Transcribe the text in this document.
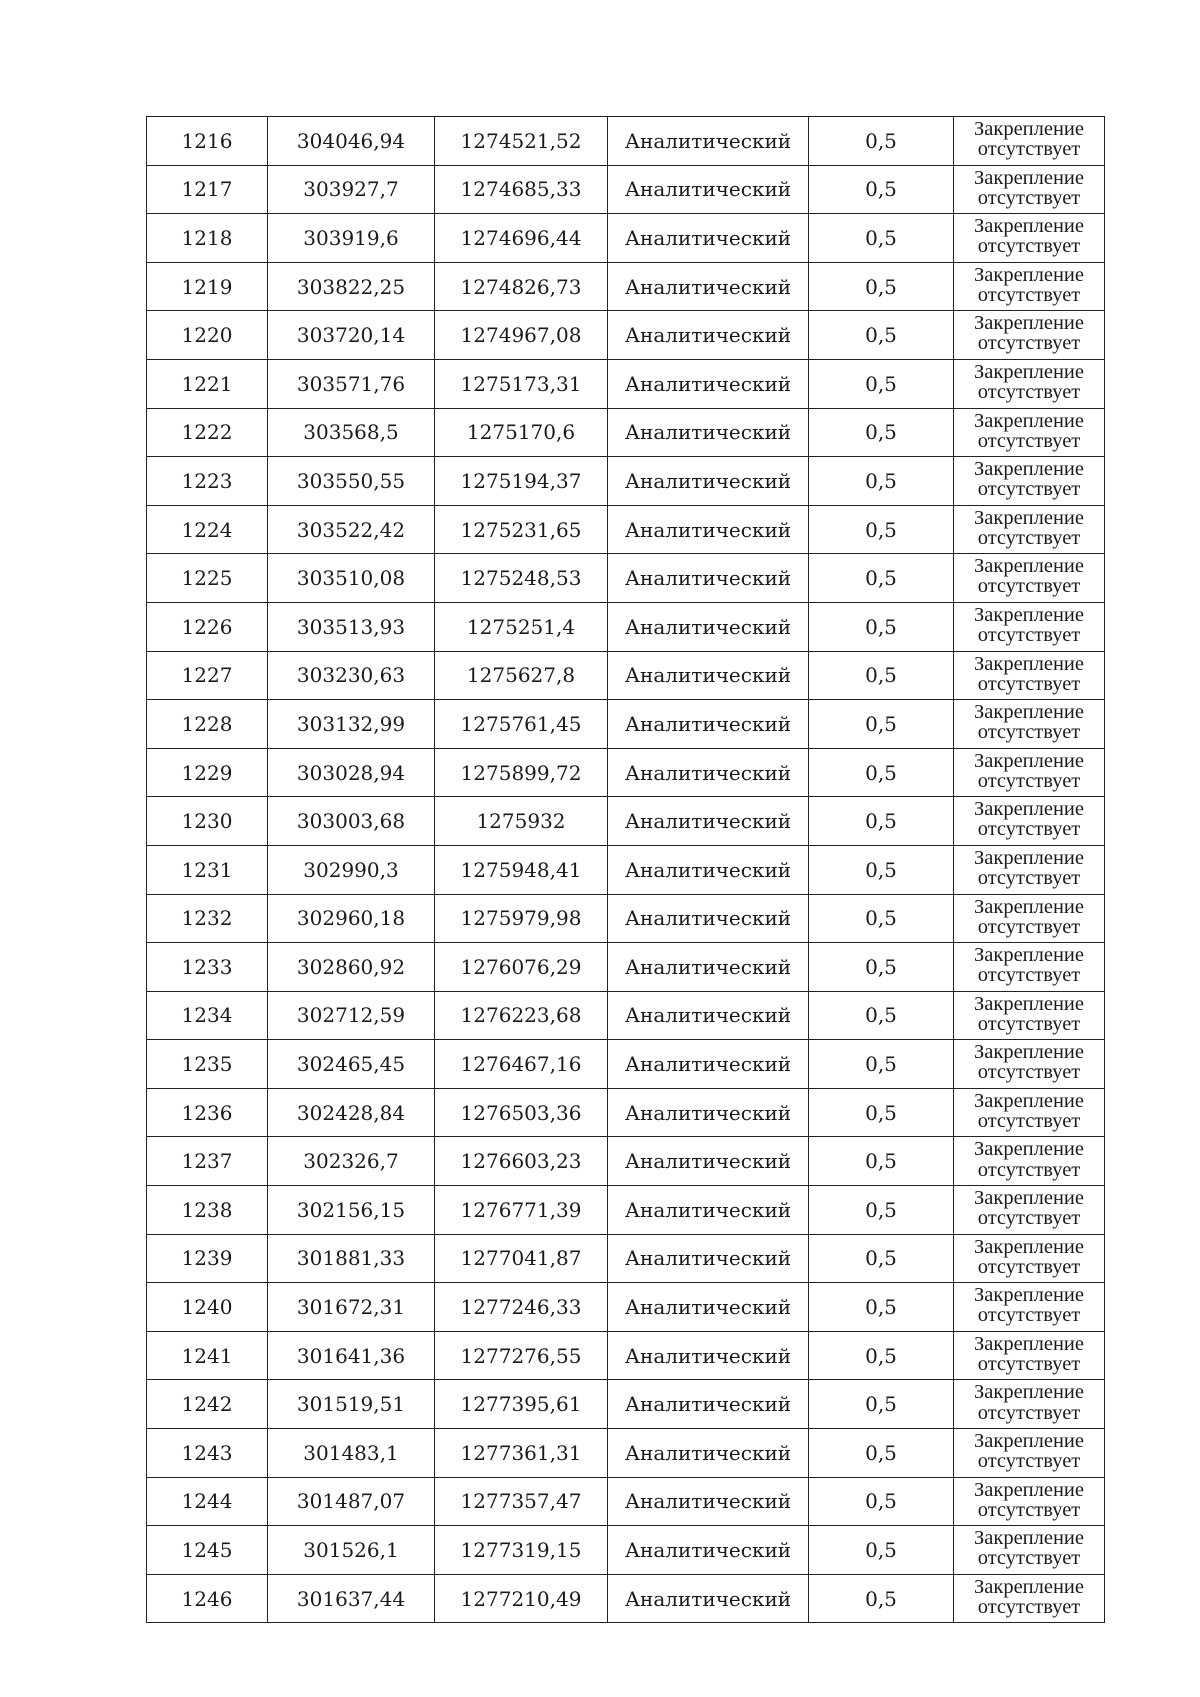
1216	304046,94	1274521,52	Аналитический	0,5	Закрепление отсутствует
1217	303927,7	1274685,33	Аналитический	0,5	Закрепление отсутствует
1218	303919,6	1274696,44	Аналитический	0,5	Закрепление отсутствует
1219	303822,25	1274826,73	Аналитический	0,5	Закрепление отсутствует
1220	303720,14	1274967,08	Аналитический	0,5	Закрепление отсутствует
1221	303571,76	1275173,31	Аналитический	0,5	Закрепление отсутствует
1222	303568,5	1275170,6	Аналитический	0,5	Закрепление отсутствует
1223	303550,55	1275194,37	Аналитический	0,5	Закрепление отсутствует
1224	303522,42	1275231,65	Аналитический	0,5	Закрепление отсутствует
1225	303510,08	1275248,53	Аналитический	0,5	Закрепление отсутствует
1226	303513,93	1275251,4	Аналитический	0,5	Закрепление отсутствует
1227	303230,63	1275627,8	Аналитический	0,5	Закрепление отсутствует
1228	303132,99	1275761,45	Аналитический	0,5	Закрепление отсутствует
1229	303028,94	1275899,72	Аналитический	0,5	Закрепление отсутствует
1230	303003,68	1275932	Аналитический	0,5	Закрепление отсутствует
1231	302990,3	1275948,41	Аналитический	0,5	Закрепление отсутствует
1232	302960,18	1275979,98	Аналитический	0,5	Закрепление отсутствует
1233	302860,92	1276076,29	Аналитический	0,5	Закрепление отсутствует
1234	302712,59	1276223,68	Аналитический	0,5	Закрепление отсутствует
1235	302465,45	1276467,16	Аналитический	0,5	Закрепление отсутствует
1236	302428,84	1276503,36	Аналитический	0,5	Закрепление отсутствует
1237	302326,7	1276603,23	Аналитический	0,5	Закрепление отсутствует
1238	302156,15	1276771,39	Аналитический	0,5	Закрепление отсутствует
1239	301881,33	1277041,87	Аналитический	0,5	Закрепление отсутствует
1240	301672,31	1277246,33	Аналитический	0,5	Закрепление отсутствует
1241	301641,36	1277276,55	Аналитический	0,5	Закрепление отсутствует
1242	301519,51	1277395,61	Аналитический	0,5	Закрепление отсутствует
1243	301483,1	1277361,31	Аналитический	0,5	Закрепление отсутствует
1244	301487,07	1277357,47	Аналитический	0,5	Закрепление отсутствует
1245	301526,1	1277319,15	Аналитический	0,5	Закрепление отсутствует
1246	301637,44	1277210,49	Аналитический	0,5	Закрепление отсутствует
